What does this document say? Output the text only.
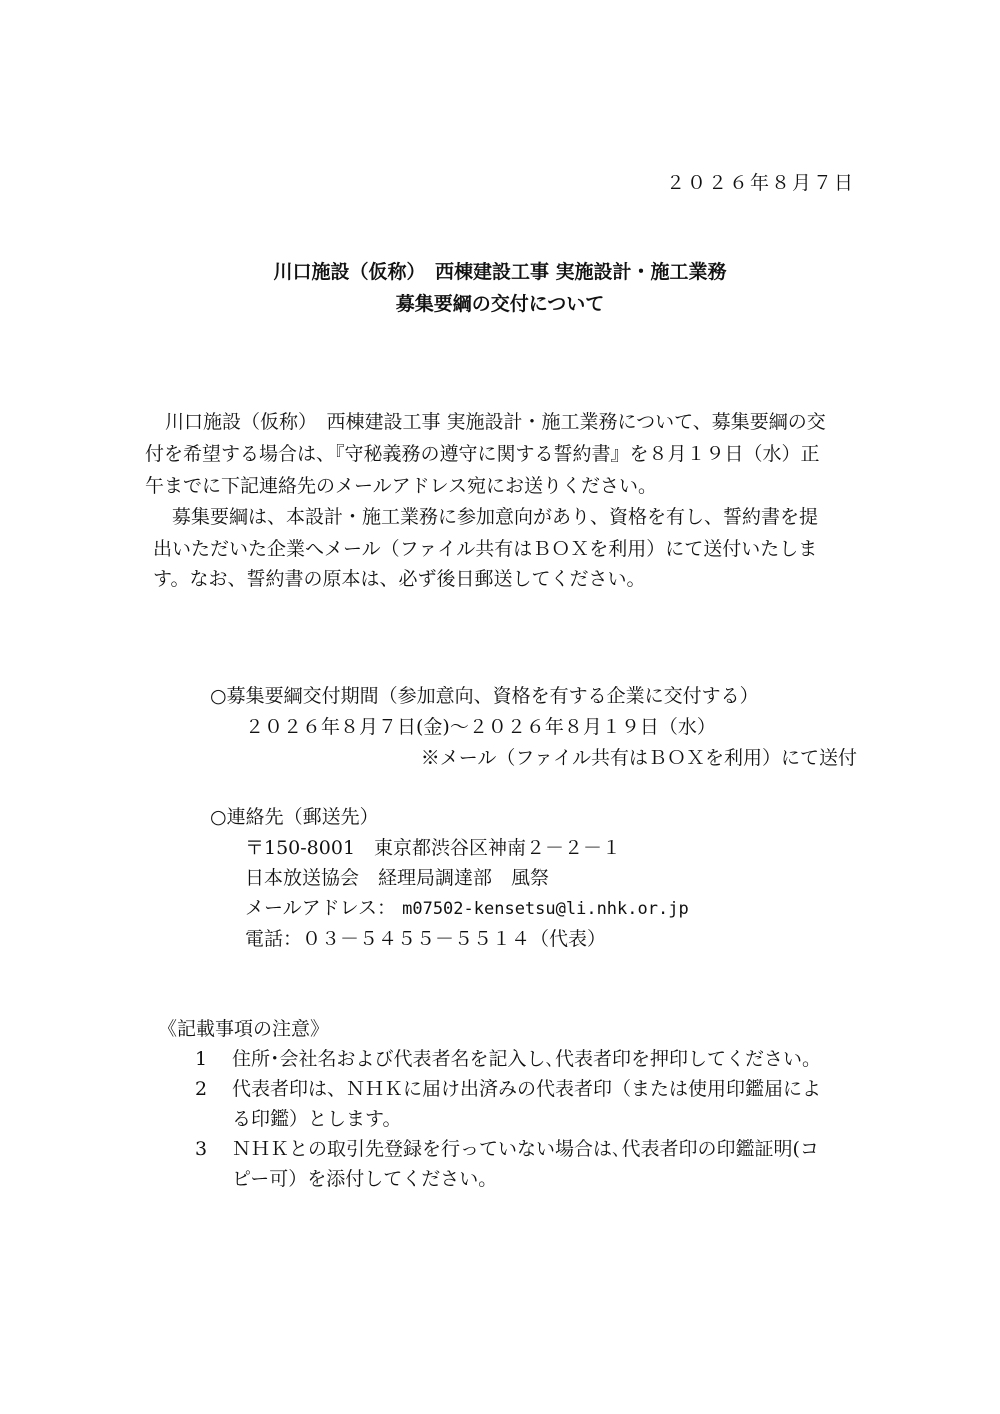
２０２６年８月７日
川口施設（仮称）　西棟建設工事 実施設計・施工業務
募集要綱の交付について
川口施設（仮称）　西棟建設工事 実施設計・施工業務について、募集要綱の交
付を希望する場合は、『守秘義務の遵守に関する誓約書』を８月１９日（水）正
午までに下記連絡先のメールアドレス宛にお送りください。
募集要綱は、本設計・施工業務に参加意向があり、資格を有し、誓約書を提
出いただいた企業へメール（ファイル共有はＢＯＸを利用）にて送付いたしま
す。なお、誓約書の原本は、必ず後日郵送してください。
○募集要綱交付期間（参加意向、資格を有する企業に交付する）
２０２６年８月７日(金)～２０２６年８月１９日（水）
※メール（ファイル共有はＢＯＸを利用）にて送付
○連絡先（郵送先）
〒150-8001　東京都渋谷区神南２－２－１
日本放送協会　経理局調達部　風祭
メールアドレス： m07502-kensetsu@li.nhk.or.jp
電話：０３－５４５５－５５１４（代表）
《記載事項の注意》
1 住所･会社名および代表者名を記入し､代表者印を押印してください。
2 代表者印は、ＮＨＫに届け出済みの代表者印（または使用印鑑届によ
る印鑑）とします。
3 ＮＨＫとの取引先登録を行っていない場合は､代表者印の印鑑証明(コ
ピー可）を添付してください。
